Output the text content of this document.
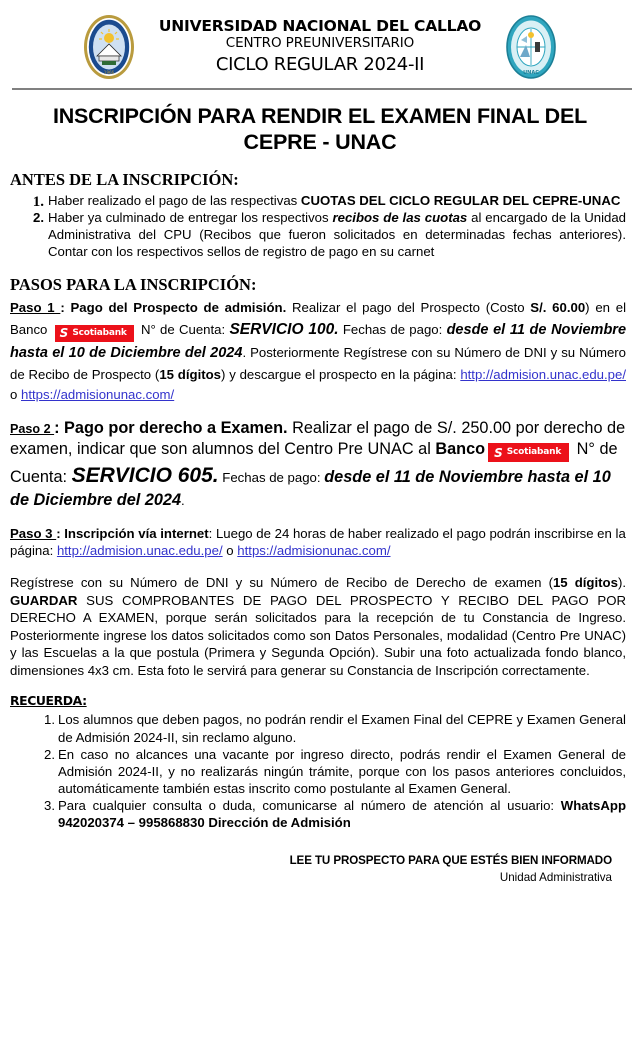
1966
UNIVERSIDAD NACIONAL DEL CALLAO
CENTRO PREUNIVERSITARIO
CICLO REGULAR 2024-II	UNAC
INSCRIPCIÓN PARA RENDIR EL EXAMEN FINAL DEL CEPRE - UNAC
ANTES DE LA INSCRIPCIÓN:
Haber realizado el pago de las respectivas CUOTAS DEL CICLO REGULAR DEL CEPRE-UNAC
Haber ya culminado de entregar los respectivos recibos de las cuotas al encargado de la Unidad Administrativa del CPU (Recibos que fueron solicitados en determinadas fechas anteriores). Contar con los respectivos sellos de registro de pago en su carnet
PASOS PARA LA INSCRIPCIÓN:

Paso 1 : Pago del Prospecto de admisión. Realizar el pago del Prospecto (Costo S/. 60.00) en el Banco S Scotiabank N° de Cuenta: SERVICIO 100. Fechas de pago: desde el 11 de Noviembre hasta el 10 de Diciembre del 2024. Posteriormente Regístrese con su Número de DNI y su Número de Recibo de Prospecto (15 dígitos) y descargue el prospecto en la página: http://admision.unac.edu.pe/ o https://admisionunac.com/

Paso 2 : Pago por derecho a Examen. Realizar el pago de S/. 250.00 por derecho de examen, indicar que son alumnos del Centro Pre UNAC al Banco S Scotiabank N° de Cuenta: SERVICIO 605. Fechas de pago: desde el 11 de Noviembre hasta el 10 de Diciembre del 2024.

Paso 3 : Inscripción vía internet: Luego de 24 horas de haber realizado el pago podrán inscribirse en la página: http://admision.unac.edu.pe/ o https://admisionunac.com/

Regístrese con su Número de DNI y su Número de Recibo de Derecho de examen (15 dígitos). GUARDAR SUS COMPROBANTES DE PAGO DEL PROSPECTO Y RECIBO DEL PAGO POR DERECHO A EXAMEN, porque serán solicitados para la recepción de tu Constancia de Ingreso. Posteriormente ingrese los datos solicitados como son Datos Personales, modalidad (Centro Pre UNAC) y las Escuelas a la que postula (Primera y Segunda Opción). Subir una foto actualizada fondo blanco, dimensiones 4x3 cm. Esta foto le servirá para generar su Constancia de Inscripción correctamente.

RECUERDA:
Los alumnos que deben pagos, no podrán rendir el Examen Final del CEPRE y Examen General de Admisión 2024-II, sin reclamo alguno.
En caso no alcances una vacante por ingreso directo, podrás rendir el Examen General de Admisión 2024-II, y no realizarás ningún trámite, porque con los pasos anteriores concluidos, automáticamente también estas inscrito como postulante al Examen General.
Para cualquier consulta o duda, comunicarse al número de atención al usuario: WhatsApp 942020374 – 995868830 Dirección de Admisión
LEE TU PROSPECTO PARA QUE ESTÉS BIEN INFORMADO
Unidad Administrativa
